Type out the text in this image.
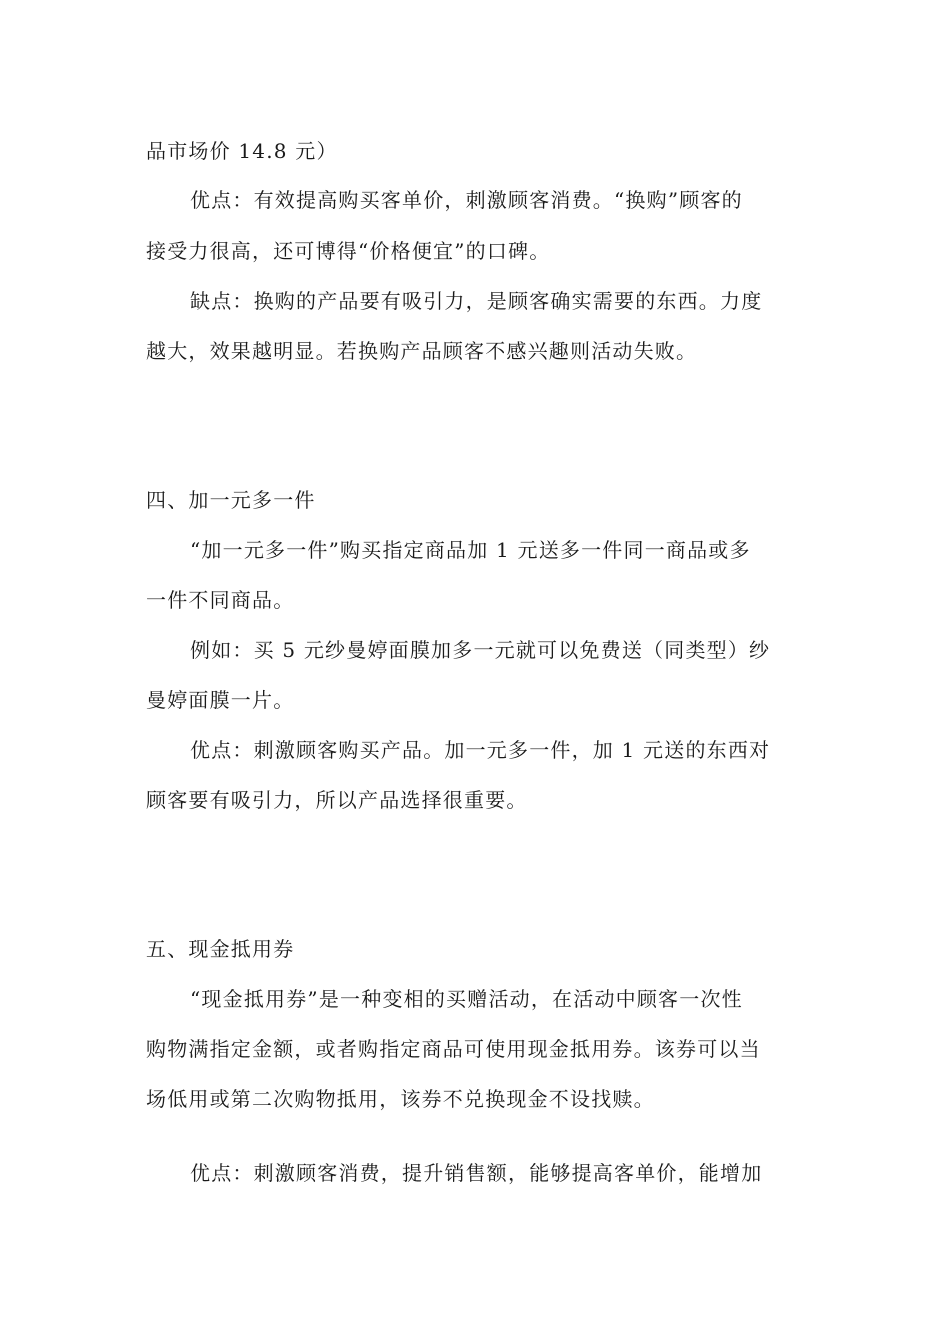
品市场价 14.8 元）
优点：有效提高购买客单价，刺激顾客消费。“换购”顾客的
接受力很高，还可博得“价格便宜”的口碑。
缺点：换购的产品要有吸引力，是顾客确实需要的东西。力度
越大，效果越明显。若换购产品顾客不感兴趣则活动失败。
四、加一元多一件
“加一元多一件”购买指定商品加 1 元送多一件同一商品或多
一件不同商品。
例如：买 5 元纱曼婷面膜加多一元就可以免费送（同类型）纱
曼婷面膜一片。
优点：刺激顾客购买产品。加一元多一件，加 1 元送的东西对
顾客要有吸引力，所以产品选择很重要。
五、现金抵用券
“现金抵用券”是一种变相的买赠活动，在活动中顾客一次性
购物满指定金额，或者购指定商品可使用现金抵用券。该券可以当
场低用或第二次购物抵用，该券不兑换现金不设找赎。
优点：刺激顾客消费，提升销售额，能够提高客单价，能增加
